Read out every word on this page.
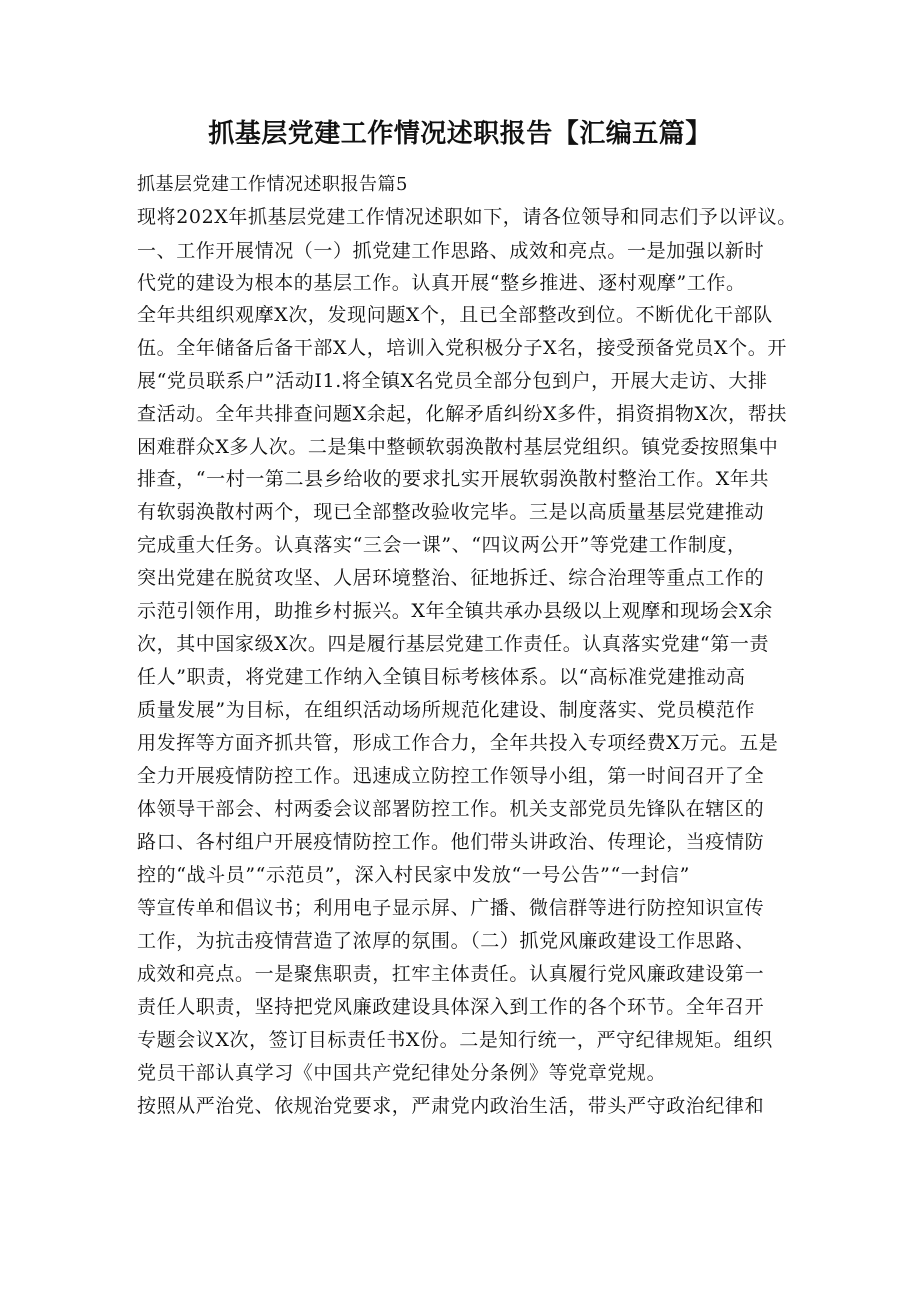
抓基层党建工作情况述职报告【汇编五篇】
抓基层党建工作情况述职报告篇5
现将202X年抓基层党建工作情况述职如下，请各位领导和同志们予以评议。
一、工作开展情况（一）抓党建工作思路、成效和亮点。一是加强以新时
代党的建设为根本的基层工作。认真开展“整乡推进、逐村观摩”工作。
全年共组织观摩X次，发现问题X个，且已全部整改到位。不断优化干部队
伍。全年储备后备干部X人，培训入党积极分子X名，接受预备党员X个。开
展“党员联系户”活动Ⅰ1.将全镇X名党员全部分包到户，开展大走访、大排
查活动。全年共排查问题X余起，化解矛盾纠纷X多件，捐资捐物X次，帮扶
困难群众X多人次。二是集中整顿软弱涣散村基层党组织。镇党委按照集中
排查，“一村一第二县乡给收的要求扎实开展软弱涣散村整治工作。X年共
有软弱涣散村两个，现已全部整改验收完毕。三是以高质量基层党建推动
完成重大任务。认真落实“三会一课”、“四议两公开”等党建工作制度，
突出党建在脱贫攻坚、人居环境整治、征地拆迁、综合治理等重点工作的
示范引领作用，助推乡村振兴。X年全镇共承办县级以上观摩和现场会X余
次，其中国家级X次。四是履行基层党建工作责任。认真落实党建“第一责
任人”职责，将党建工作纳入全镇目标考核体系。以“高标准党建推动高
质量发展”为目标，在组织活动场所规范化建设、制度落实、党员模范作
用发挥等方面齐抓共管，形成工作合力，全年共投入专项经费X万元。五是
全力开展疫情防控工作。迅速成立防控工作领导小组，第一时间召开了全
体领导干部会、村两委会议部署防控工作。机关支部党员先锋队在辖区的
路口、各村组户开展疫情防控工作。他们带头讲政治、传理论，当疫情防
控的“战斗员”“示范员”，深入村民家中发放“一号公告”“一封信”
等宣传单和倡议书；利用电子显示屏、广播、微信群等进行防控知识宣传
工作，为抗击疫情营造了浓厚的氛围。（二）抓党风廉政建设工作思路、
成效和亮点。一是聚焦职责，扛牢主体责任。认真履行党风廉政建设第一
责任人职责，坚持把党风廉政建设具体深入到工作的各个环节。全年召开
专题会议X次，签订目标责任书X份。二是知行统一，严守纪律规矩。组织
党员干部认真学习《中国共产党纪律处分条例》等党章党规。
按照从严治党、依规治党要求，严肃党内政治生活，带头严守政治纪律和
